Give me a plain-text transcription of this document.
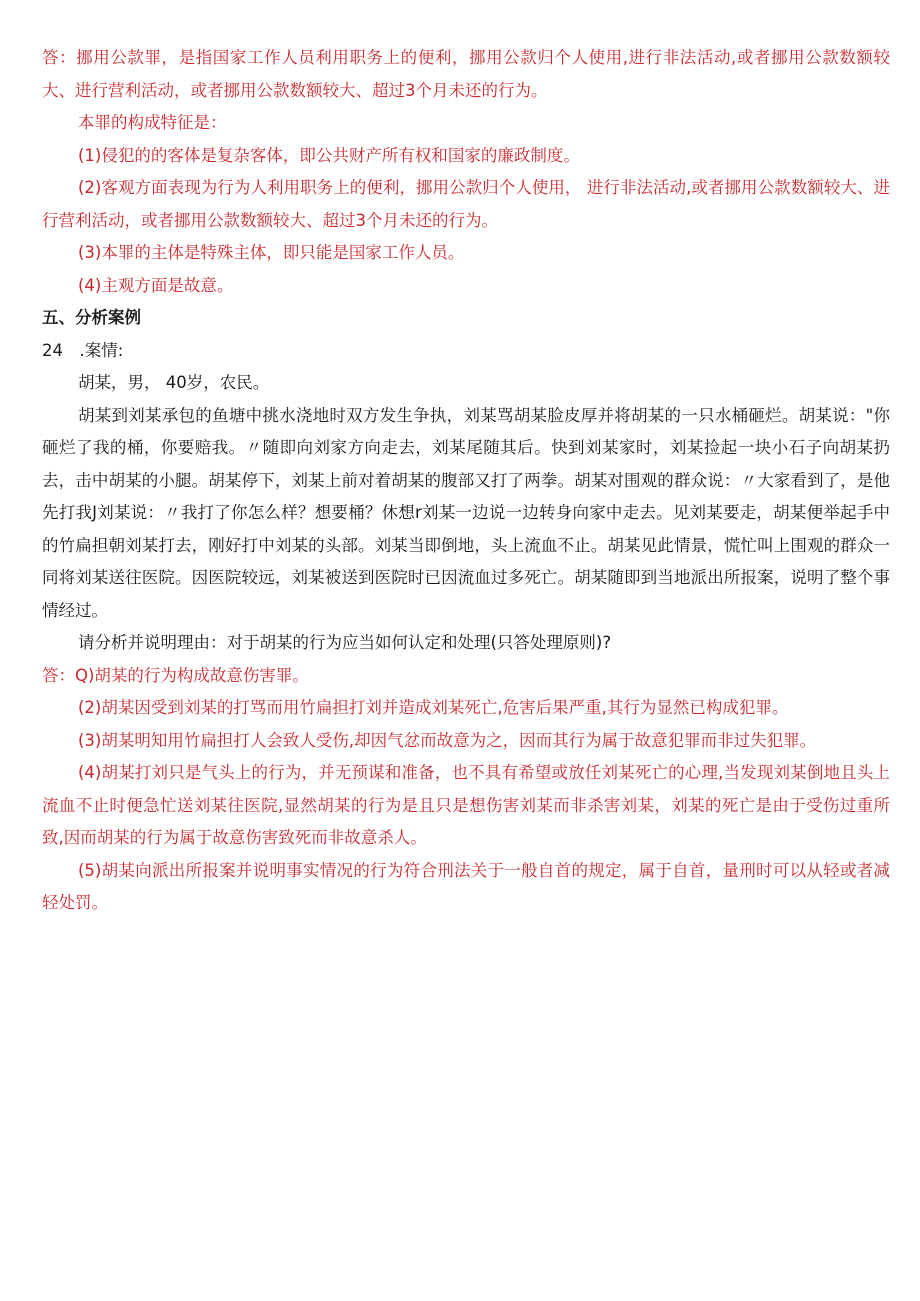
答：挪用公款罪，是指国家工作人员利用职务上的便利，挪用公款归个人使用,进行非法活动,或者挪用公款数额较大、进行营利活动，或者挪用公款数额较大、超过3个月未还的行为。

本罪的构成特征是：

(1)侵犯的的客体是复杂客体，即公共财产所有权和国家的廉政制度。

(2)客观方面表现为行为人利用职务上的便利，挪用公款归个人使用， 进行非法活动,或者挪用公款数额较大、进行营利活动，或者挪用公款数额较大、超过3个月未还的行为。

(3)本罪的主体是特殊主体，即只能是国家工作人员。

(4)主观方面是故意。

五、分析案例

24　.案情:

胡某，男， 40岁，农民。

胡某到刘某承包的鱼塘中挑水浇地时双方发生争执，刘某骂胡某脸皮厚并将胡某的一只水桶砸烂。胡某说："你砸烂了我的桶，你要赔我。〃随即向刘家方向走去，刘某尾随其后。快到刘某家时，刘某捡起一块小石子向胡某扔去，击中胡某的小腿。胡某停下，刘某上前对着胡某的腹部又打了两拳。胡某对围观的群众说：〃大家看到了，是他先打我J刘某说：〃我打了你怎么样？想要桶？休想r刘某一边说一边转身向家中走去。见刘某要走，胡某便举起手中的竹扁担朝刘某打去，刚好打中刘某的头部。刘某当即倒地，头上流血不止。胡某见此情景，慌忙叫上围观的群众一同将刘某送往医院。因医院较远，刘某被送到医院时已因流血过多死亡。胡某随即到当地派出所报案，说明了整个事情经过。

请分析并说明理由：对于胡某的行为应当如何认定和处理(只答处理原则)?

答：Q)胡某的行为构成故意伤害罪。

(2)胡某因受到刘某的打骂而用竹扁担打刘并造成刘某死亡,危害后果严重,其行为显然已构成犯罪。

(3)胡某明知用竹扁担打人会致人受伤,却因气忿而故意为之，因而其行为属于故意犯罪而非过失犯罪。

(4)胡某打刘只是气头上的行为，并无预谋和准备，也不具有希望或放任刘某死亡的心理,当发现刘某倒地且头上流血不止时便急忙送刘某往医院,显然胡某的行为是且只是想伤害刘某而非杀害刘某，刘某的死亡是由于受伤过重所致,因而胡某的行为属于故意伤害致死而非故意杀人。

(5)胡某向派出所报案并说明事实情况的行为符合刑法关于一般自首的规定，属于自首，量刑时可以从轻或者减轻处罚。
